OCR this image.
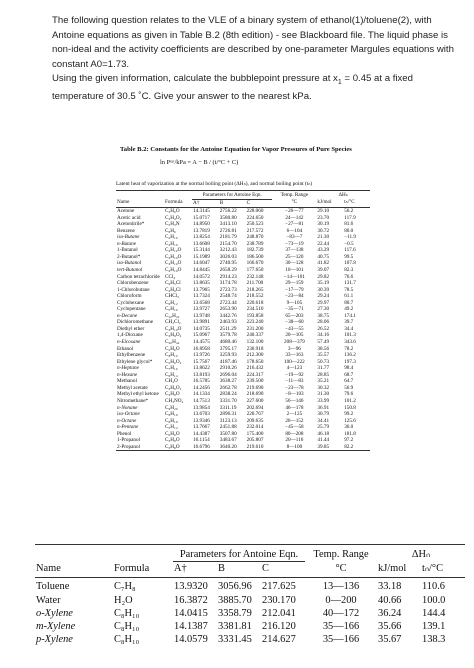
The following question relates to the VLE of a binary system of ethanol(1)/toluene(2), with Antoine equations as given in Table B.2 (8th edition) - see Blackboard file. The liquid phase is non-ideal and the activity coefficients are described by one-parameter Margules equations with constant A0=1.73.

Using the given information, calculate the bubblepoint pressure at $x_1 = 0.45$ at a fixed temperature of 30.5 ˚C. Give your answer to the nearest kPa.

Table B.2: Constants for the Antoine Equation for Vapor Pressures of Pure Species
ln Pˢᵃᵗ/kPa = A − B / (t/°C + C)
Latent heat of vaporization at the normal boiling point (ΔHₙ), and normal boiling point (tₙ)
		Parameters for Antoine Eqn.			Temp. Range	ΔHₙ	
Name	Formula	A†	B	C	°C	kJ/mol	tₙ/°C
Acetone	C₃H₆O	14.3145	2756.22	228.060	−26—77	29.10	56.2
Acetic acid	C₂H₄O₂	15.0717	3580.80	224.650	24—142	23.70	117.9
Acetonitrile*	C₂H₃N	14.8950	3413.10	250.523	−27—81	30.19	81.6
Benzene	C₆H₆	13.7819	2726.81	217.572	6—104	30.72	80.0
iso-Butane	C₄H₁₀	13.8254	2181.79	248.870	−83—7	21.30	−11.9
n-Butane	C₄H₁₀	13.6608	2154.70	238.789	−73—19	22.44	−0.5
1-Butanol	C₄H₁₀O	15.3144	3212.43	182.739	37—138	43.29	117.6
2-Butanol*	C₄H₁₀O	15.1989	3026.03	186.500	25—120	40.75	99.5
iso-Butanol	C₄H₁₀O	14.6047	2740.95	166.670	30—128	41.82	107.8
tert-Butanol	C₄H₁₀O	14.8445	2658.29	177.650	10—101	39.07	82.3
Carbon tetrachloride	CCl₄	14.0572	2914.23	232.148	−14—101	29.82	76.6
Chlorobenzene	C₆H₅Cl	13.8635	3174.78	211.700	29—159	35.19	131.7
1-Chlorobutane	C₄H₉Cl	13.7965	2723.73	218.265	−17—79	30.39	78.5
Chloroform	CHCl₃	13.7324	2548.74	218.552	−23—84	29.24	61.1
Cyclohexane	C₆H₁₂	13.6568	2723.44	220.618	9—105	29.97	80.7
Cyclopentane	C₅H₁₀	13.9727	2653.90	234.510	−35—71	27.30	49.2
n-Decane	C₁₀H₂₂	13.9748	3442.76	193.858	65—203	38.75	174.1
Dichloromethane	CH₂Cl₂	13.9891	2463.93	223.240	−38—60	28.06	39.7
Diethyl ether	C₄H₁₀O	14.0735	2511.29	231.200	−43—55	26.52	34.4
1,4-Dioxane	C₄H₈O₂	15.0967	3579.78	240.337	20—105	34.16	101.3
n-Eicosane	C₂₀H₄₂	14.4575	4680.46	132.100	208—379	57.49	343.6
Ethanol	C₂H₆O	16.8958	3795.17	230.918	3—96	38.56	78.2
Ethylbenzene	C₈H₁₀	13.9726	3259.93	212.300	33—163	35.57	136.2
Ethylene glycol*	C₂H₆O₂	15.7567	4187.46	178.650	100—222	50.73	197.3
n-Heptane	C₇H₁₆	13.8622	2910.26	216.432	4—123	31.77	98.4
n-Hexane	C₆H₁₄	13.8193	2696.04	224.317	−19—92	28.85	68.7
Methanol	CH₄O	16.5785	3638.27	239.500	−11—83	35.21	64.7
Methyl acetate	C₃H₆O₂	14.2456	2662.78	219.690	−23—78	30.32	56.9
Methyl ethyl ketone	C₄H₈O	14.1334	2838.24	218.690	−8—103	31.30	79.6
Nitromethane*	CH₃NO₂	14.7513	3331.70	227.600	56—146	33.99	101.2
n-Nonane	C₉H₂₀	13.9854	3311.19	202.694	46—178	36.91	150.8
iso-Octane	C₈H₁₈	13.6703	2896.31	220.767	2—125	30.79	99.2
n-Octane	C₈H₁₈	13.9346	3123.13	209.635	26—152	34.41	125.6
n-Pentane	C₅H₁₂	13.7667	2451.88	232.014	−45—58	25.79	36.0
Phenol	C₆H₆O	14.4387	3507.80	175.400	80—208	46.18	181.8
1-Propanol	C₃H₈O	16.1154	3483.67	205.807	20—116	41.44	97.2
2-Propanol	C₃H₈O	16.6796	3640.20	219.610	8—100	39.85	82.2
		Parameters for Antoine Eqn.			Temp. Range	ΔHₙ	
Name	Formula	A†	B	C	°C	kJ/mol	tₙ/°C
Toluene	C₇H₈	13.9320	3056.96	217.625	13—136	33.18	110.6
Water	H₂O	16.3872	3885.70	230.170	0—200	40.66	100.0
o-Xylene	C₈H₁₀	14.0415	3358.79	212.041	40—172	36.24	144.4
m-Xylene	C₈H₁₀	14.1387	3381.81	216.120	35—166	35.66	139.1
p-Xylene	C₈H₁₀	14.0579	3331.45	214.627	35—166	35.67	138.3
